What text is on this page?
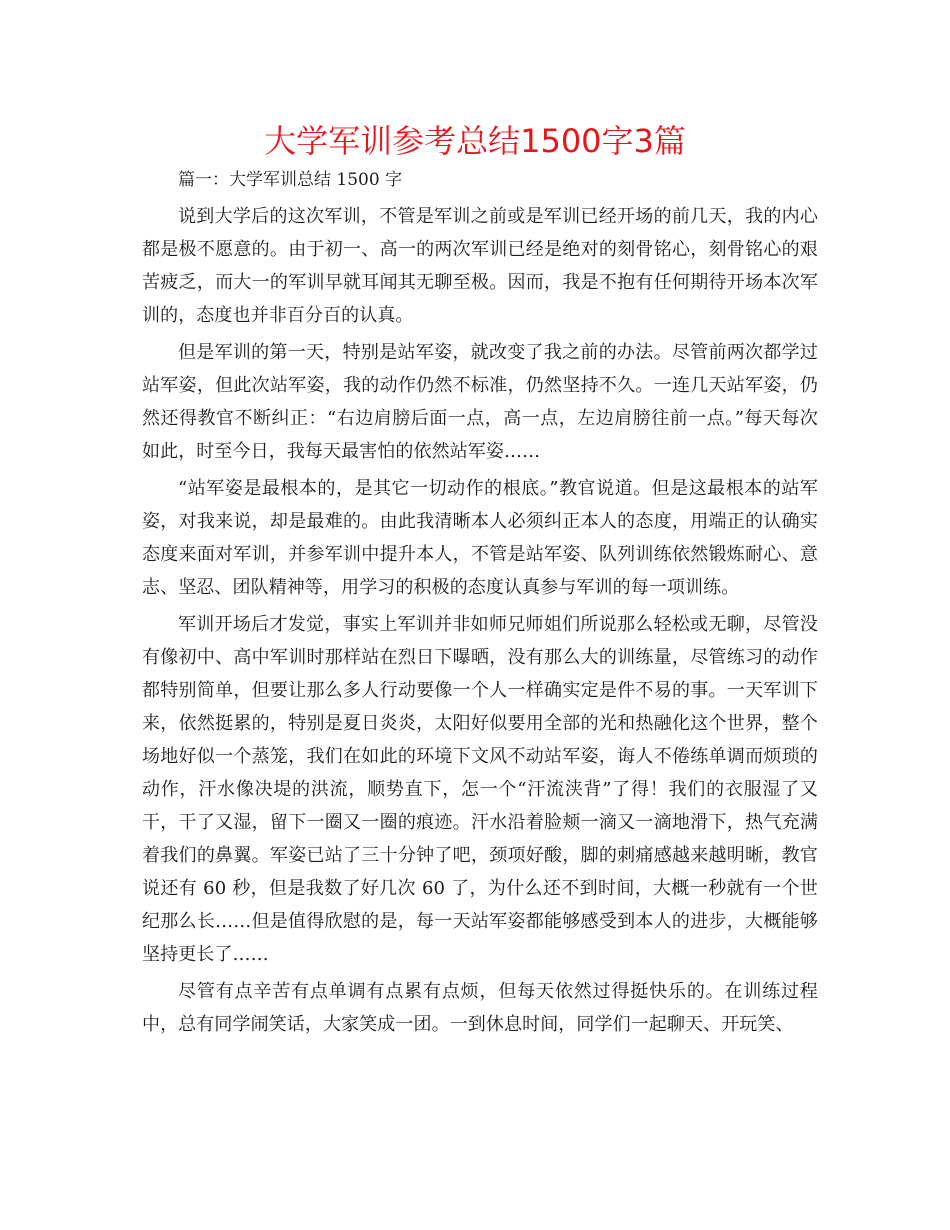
大学军训参考总结1500字3篇

篇一：大学军训总结 1500 字

说到大学后的这次军训，不管是军训之前或是军训已经开场的前几天，我的内心都是极不愿意的。由于初一、高一的两次军训已经是绝对的刻骨铭心，刻骨铭心的艰苦疲乏，而大一的军训早就耳闻其无聊至极。因而，我是不抱有任何期待开场本次军训的，态度也并非百分百的认真。

但是军训的第一天，特别是站军姿，就改变了我之前的办法。尽管前两次都学过站军姿，但此次站军姿，我的动作仍然不标准，仍然坚持不久。一连几天站军姿，仍然还得教官不断纠正：“右边肩膀后面一点，高一点，左边肩膀往前一点。”每天每次如此，时至今日，我每天最害怕的依然站军姿……

“站军姿是最根本的，是其它一切动作的根底。”教官说道。但是这最根本的站军姿，对我来说，却是最难的。由此我清晰本人必须纠正本人的态度，用端正的认确实态度来面对军训，并参军训中提升本人，不管是站军姿、队列训练依然锻炼耐心、意志、坚忍、团队精神等，用学习的积极的态度认真参与军训的每一项训练。

军训开场后才发觉，事实上军训并非如师兄师姐们所说那么轻松或无聊，尽管没有像初中、高中军训时那样站在烈日下曝晒，没有那么大的训练量，尽管练习的动作都特别简单，但要让那么多人行动要像一个人一样确实定是件不易的事。一天军训下来，依然挺累的，特别是夏日炎炎，太阳好似要用全部的光和热融化这个世界，整个场地好似一个蒸笼，我们在如此的环境下文风不动站军姿，诲人不倦练单调而烦琐的动作，汗水像决堤的洪流，顺势直下，怎一个“汗流浃背”了得！我们的衣服湿了又干，干了又湿，留下一圈又一圈的痕迹。汗水沿着脸颊一滴又一滴地滑下，热气充满着我们的鼻翼。军姿已站了三十分钟了吧，颈项好酸，脚的刺痛感越来越明晰，教官说还有 60 秒，但是我数了好几次 60 了，为什么还不到时间，大概一秒就有一个世纪那么长……但是值得欣慰的是，每一天站军姿都能够感受到本人的进步，大概能够坚持更长了……

尽管有点辛苦有点单调有点累有点烦，但每天依然过得挺快乐的。在训练过程中，总有同学闹笑话，大家笑成一团。一到休息时间，同学们一起聊天、开玩笑、
